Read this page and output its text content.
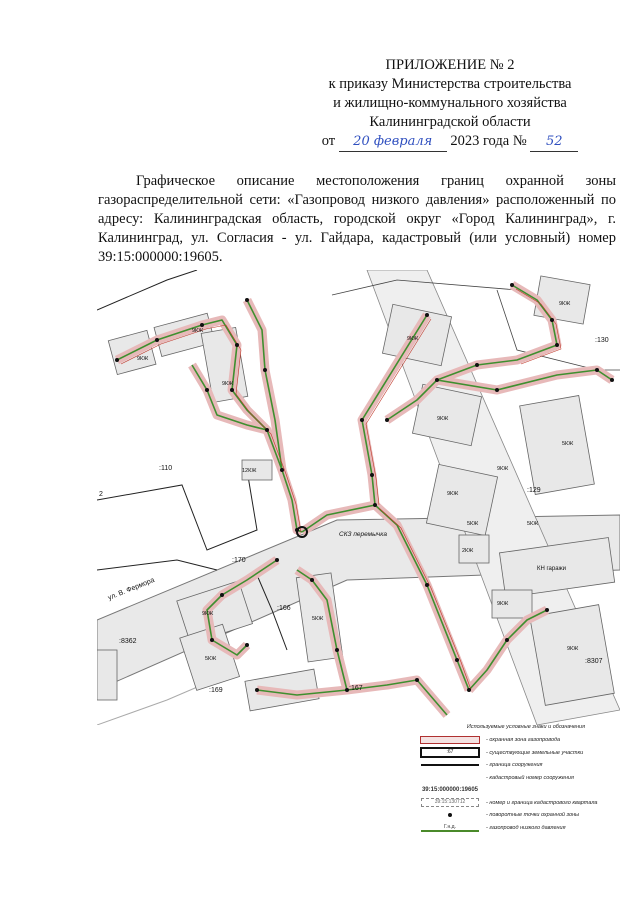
ПРИЛОЖЕНИЕ № 2
к приказу Министерства строительства
и жилищно-коммунального хозяйства
Калининградской области
от 20 февраля 2023 года № 52
Графическое описание местоположения границ охранной зоны газораспределительной сети: «Газопровод низкого давления» расположенный по адресу: Калининградская область, городской округ «Город Калининград», г. Калининград, ул. Согласия - ул. Гайдара, кадастровый (или условный) номер 39:15:000000:19605.
:110
:129
:130
:170
:166
:167
:169
:8362
:8307
2
ул. В. Фермора
СКЗ перемычка
9КЖ
9КЖ
12КЖ
9КЖ
9КЖ
9КЖ
5КЖ
9КЖ
9КЖ
5КЖ
5КЖ
9КЖ
2КЖ
КН гаражи
9КЖ
9КЖ
9КЖ
5КЖ
5КЖ
Используемые условные знаки и обозначения
- охранная зона газопровода
:67	- существующие земельные участки
- граница сооружения
- кадастровый номер сооружения
39:15:000000:19605
39:15:130712	- номер и граница кадастрового квартала
- поворотные точки охранной зоны
Г.н.д.	- газопровод низкого давления
